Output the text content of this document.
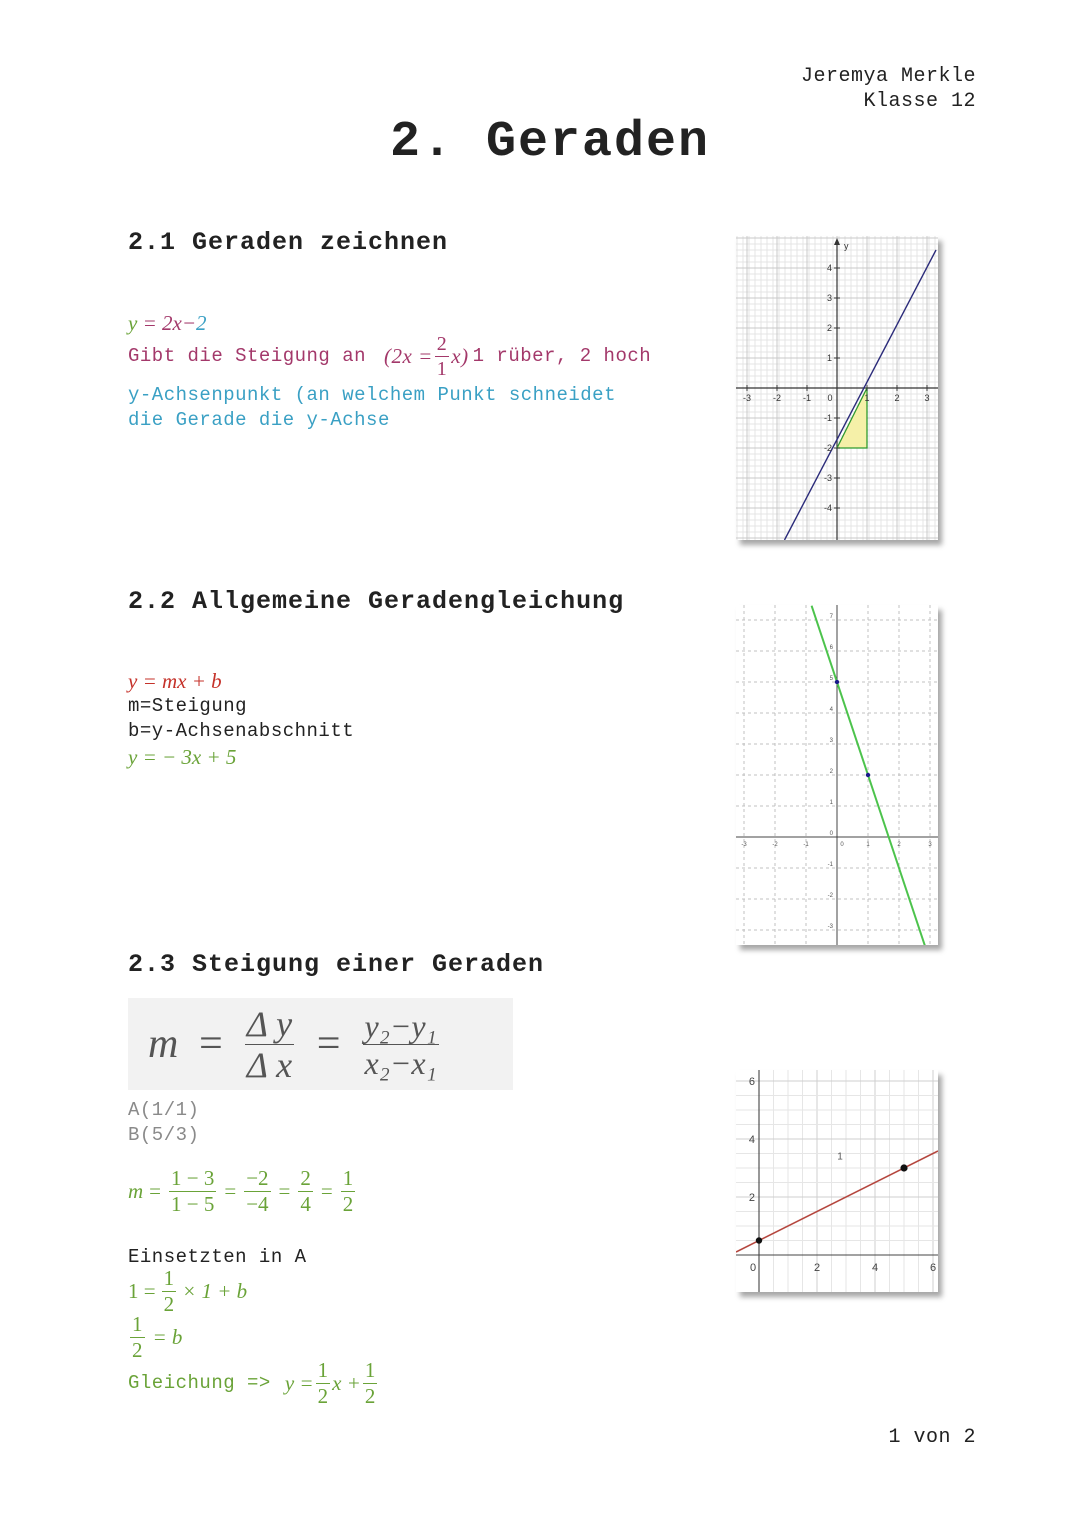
Jeremya Merkle
Klasse 12
2. Geraden
2.1 Geraden zeichnen
y = 2x−2
Gibt die Steigung an $(2x = \frac{2}{1} x)$ 1 rüber, 2 hoch
y-Achsenpunkt (an welchem Punkt schneidet
die Gerade die y-Achse
y
-3 -2 -1 0	1	2	3
4
3
2
1
-1
-2
-3
-4
2.2 Allgemeine Geradengleichung
y = mx + b
m=Steigung
b=y-Achsenabschnitt
y = − 3x + 5
-3	-2	-1	0	1	2	3
7
6
5
4
3
2
1
0
-1
-2
-3
2.3 Steigung einer Geraden
$m = \frac{\text{Δ y}}{\text{Δ x}} = \frac{\text{y₂−y₁}}{\text{x₂−x₁}}$
A(1/1)
B(5/3)
$m = \frac{1 - 3}{1 - 5} = \frac{-2}{-4} = \frac{2}{4} = \frac{1}{2}$
Einsetzten in A
$1 = \frac{1}{2} \times 1 + b$
$\frac{1}{2} = b$
Gleichung => $y = \frac{1}{2}$ $x + \frac{1}{2}$
0	2	4	6
6
4
2
1
1 von 2
